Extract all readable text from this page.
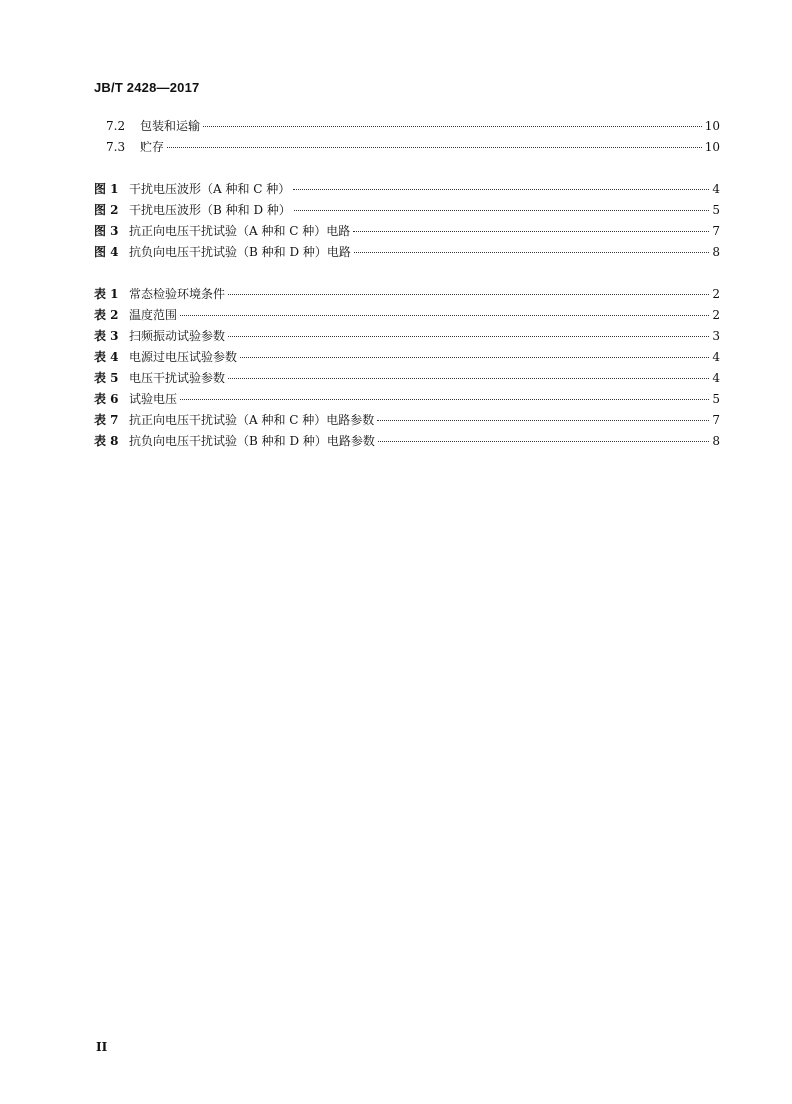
JB/T 2428—2017
7.2	包装和运输	10
7.3	贮存	10
图 1 干扰电压波形（A 种和 C 种）	4
图 2 干扰电压波形（B 种和 D 种）	5
图 3 抗正向电压干扰试验（A 种和 C 种）电路	7
图 4 抗负向电压干扰试验（B 种和 D 种）电路	8
表 1 常态检验环境条件	2
表 2 温度范围	2
表 3 扫频振动试验参数	3
表 4 电源过电压试验参数	4
表 5 电压干扰试验参数	4
表 6 试验电压	5
表 7 抗正向电压干扰试验（A 种和 C 种）电路参数	7
表 8 抗负向电压干扰试验（B 种和 D 种）电路参数	8
II
